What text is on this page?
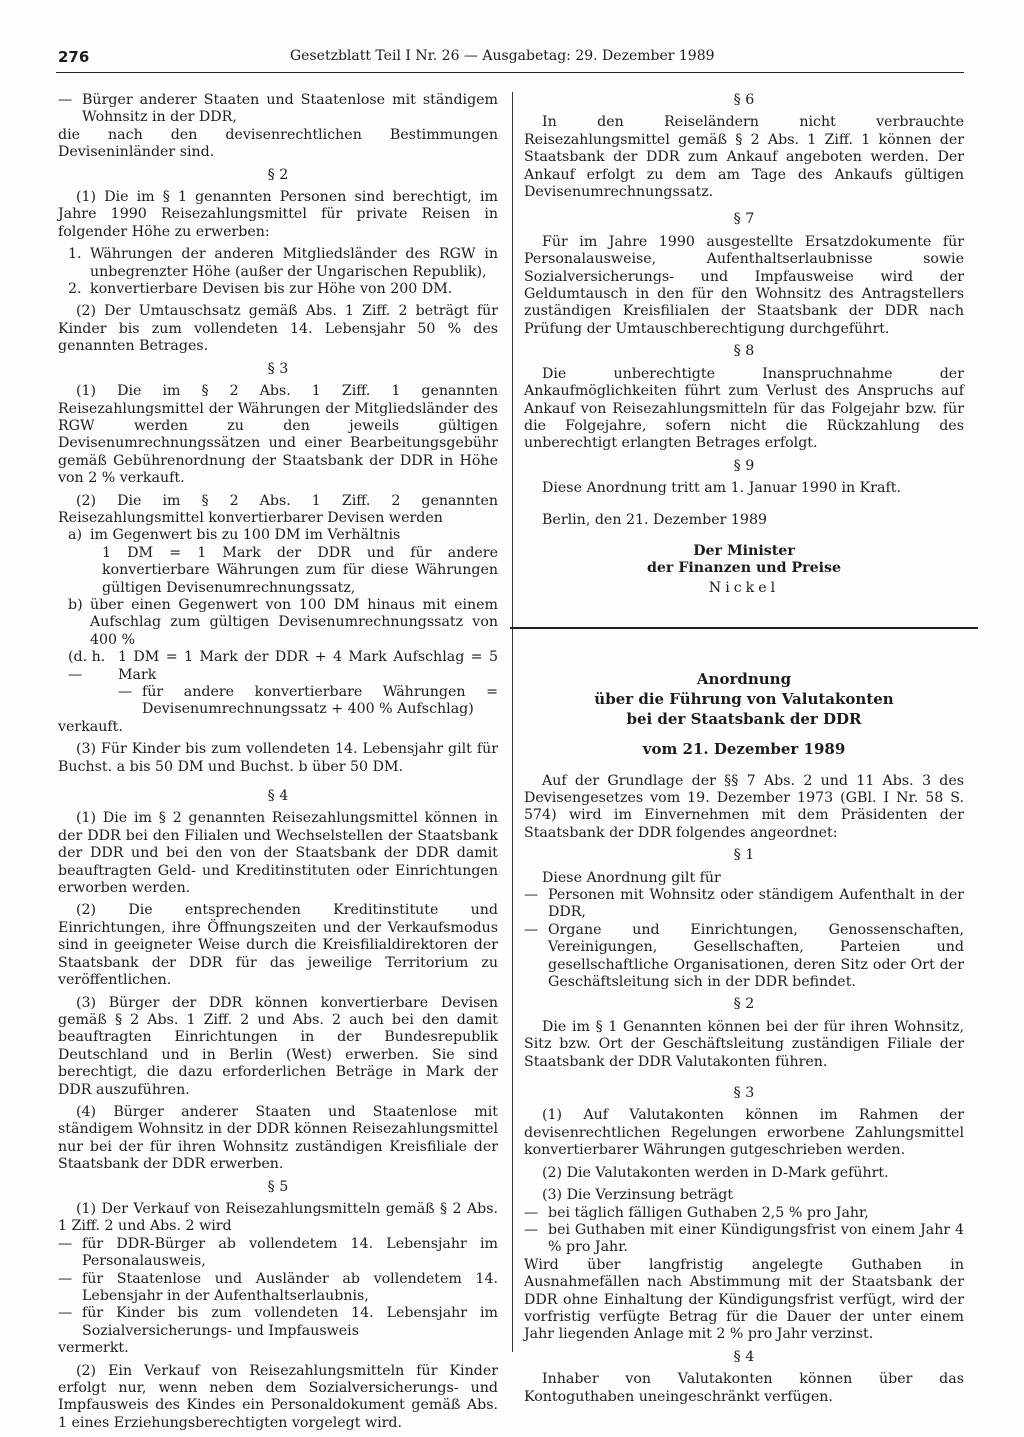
276	Gesetzblatt Teil I Nr. 26 — Ausgabetag: 29. Dezember 1989
— Bürger anderer Staaten und Staatenlose mit ständigem Wohnsitz in der DDR,

die nach den devisenrechtlichen Bestimmungen Deviseninländer sind.

§ 2

(1) Die im § 1 genannten Personen sind berechtigt, im Jahre 1990 Reisezahlungsmittel für private Reisen in folgender Höhe zu erwerben:

1. Währungen der anderen Mitgliedsländer des RGW in unbegrenzter Höhe (außer der Ungarischen Republik),
2. konvertierbare Devisen bis zur Höhe von 200 DM.

(2) Der Umtauschsatz gemäß Abs. 1 Ziff. 2 beträgt für Kinder bis zum vollendeten 14. Lebensjahr 50 % des genannten Betrages.

§ 3

(1) Die im § 2 Abs. 1 Ziff. 1 genannten Reisezahlungsmittel der Währungen der Mitgliedsländer des RGW werden zu den jeweils gültigen Devisenumrechnungssätzen und einer Bearbeitungsgebühr gemäß Gebührenordnung der Staatsbank der DDR in Höhe von 2 % verkauft.

(2) Die im § 2 Abs. 1 Ziff. 2 genannten Reisezahlungsmittel konvertierbarer Devisen werden

a) im Gegenwert bis zu 100 DM im Verhältnis
1 DM = 1 Mark der DDR und für andere konvertierbare Währungen zum für diese Währungen gültigen Devisenumrechnungssatz,
b) über einen Gegenwert von 100 DM hinaus mit einem Aufschlag zum gültigen Devisenumrechnungssatz von 400 %
(d. h. —
1 DM = 1 Mark der DDR + 4 Mark Aufschlag = 5 Mark
— für andere konvertierbare Währungen = Devisenumrechnungssatz + 400 % Aufschlag)

verkauft.

(3) Für Kinder bis zum vollendeten 14. Lebensjahr gilt für Buchst. a bis 50 DM und Buchst. b über 50 DM.

§ 4

(1) Die im § 2 genannten Reisezahlungsmittel können in der DDR bei den Filialen und Wechselstellen der Staatsbank der DDR und bei den von der Staatsbank der DDR damit beauftragten Geld- und Kreditinstituten oder Einrichtungen erworben werden.

(2) Die entsprechenden Kreditinstitute und Einrichtungen, ihre Öffnungszeiten und der Verkaufsmodus sind in geeigneter Weise durch die Kreisfilialdirektoren der Staatsbank der DDR für das jeweilige Territorium zu veröffentlichen.

(3) Bürger der DDR können konvertierbare Devisen gemäß § 2 Abs. 1 Ziff. 2 und Abs. 2 auch bei den damit beauftragten Einrichtungen in der Bundesrepublik Deutschland und in Berlin (West) erwerben. Sie sind berechtigt, die dazu erforderlichen Beträge in Mark der DDR auszuführen.

(4) Bürger anderer Staaten und Staatenlose mit ständigem Wohnsitz in der DDR können Reisezahlungsmittel nur bei der für ihren Wohnsitz zuständigen Kreisfiliale der Staatsbank der DDR erwerben.

§ 5

(1) Der Verkauf von Reisezahlungsmitteln gemäß § 2 Abs. 1 Ziff. 2 und Abs. 2 wird

— für DDR-Bürger ab vollendetem 14. Lebensjahr im Personalausweis,
— für Staatenlose und Ausländer ab vollendetem 14. Lebensjahr in der Aufenthaltserlaubnis,
— für Kinder bis zum vollendeten 14. Lebensjahr im Sozialversicherungs- und Impfausweis

vermerkt.

(2) Ein Verkauf von Reisezahlungsmitteln für Kinder erfolgt nur, wenn neben dem Sozialversicherungs- und Impfausweis des Kindes ein Personaldokument gemäß Abs. 1 eines Erziehungsberechtigten vorgelegt wird.

§ 6

In den Reiseländern nicht verbrauchte Reisezahlungsmittel gemäß § 2 Abs. 1 Ziff. 1 können der Staatsbank der DDR zum Ankauf angeboten werden. Der Ankauf erfolgt zu dem am Tage des Ankaufs gültigen Devisenumrechnungssatz.

§ 7

Für im Jahre 1990 ausgestellte Ersatzdokumente für Personalausweise, Aufenthaltserlaubnisse sowie Sozialversicherungs- und Impfausweise wird der Geldumtausch in den für den Wohnsitz des Antragstellers zuständigen Kreisfilialen der Staatsbank der DDR nach Prüfung der Umtauschberechtigung durchgeführt.

§ 8

Die unberechtigte Inanspruchnahme der Ankaufmöglichkeiten führt zum Verlust des Anspruchs auf Ankauf von Reisezahlungsmitteln für das Folgejahr bzw. für die Folgejahre, sofern nicht die Rückzahlung des unberechtigt erlangten Betrages erfolgt.

§ 9

Diese Anordnung tritt am 1. Januar 1990 in Kraft.

Berlin, den 21. Dezember 1989

Der Minister
der Finanzen und Preise
Nickel
Anordnung
über die Führung von Valutakonten
bei der Staatsbank der DDR
vom 21. Dezember 1989

Auf der Grundlage der §§ 7 Abs. 2 und 11 Abs. 3 des Devisengesetzes vom 19. Dezember 1973 (GBl. I Nr. 58 S. 574) wird im Einvernehmen mit dem Präsidenten der Staatsbank der DDR folgendes angeordnet:

§ 1

Diese Anordnung gilt für

— Personen mit Wohnsitz oder ständigem Aufenthalt in der DDR,
— Organe und Einrichtungen, Genossenschaften, Vereinigungen, Gesellschaften, Parteien und gesellschaftliche Organisationen, deren Sitz oder Ort der Geschäftsleitung sich in der DDR befindet.
§ 2

Die im § 1 Genannten können bei der für ihren Wohnsitz, Sitz bzw. Ort der Geschäftsleitung zuständigen Filiale der Staatsbank der DDR Valutakonten führen.

§ 3

(1) Auf Valutakonten können im Rahmen der devisenrechtlichen Regelungen erworbene Zahlungsmittel konvertierbarer Währungen gutgeschrieben werden.

(2) Die Valutakonten werden in D-Mark geführt.

(3) Die Verzinsung beträgt

— bei täglich fälligen Guthaben 2,5 % pro Jahr,
— bei Guthaben mit einer Kündigungsfrist von einem Jahr 4 % pro Jahr.

Wird über langfristig angelegte Guthaben in Ausnahmefällen nach Abstimmung mit der Staatsbank der DDR ohne Einhaltung der Kündigungsfrist verfügt, wird der vorfristig verfügte Betrag für die Dauer der unter einem Jahr liegenden Anlage mit 2 % pro Jahr verzinst.

§ 4

Inhaber von Valutakonten können über das Kontoguthaben uneingeschränkt verfügen.
